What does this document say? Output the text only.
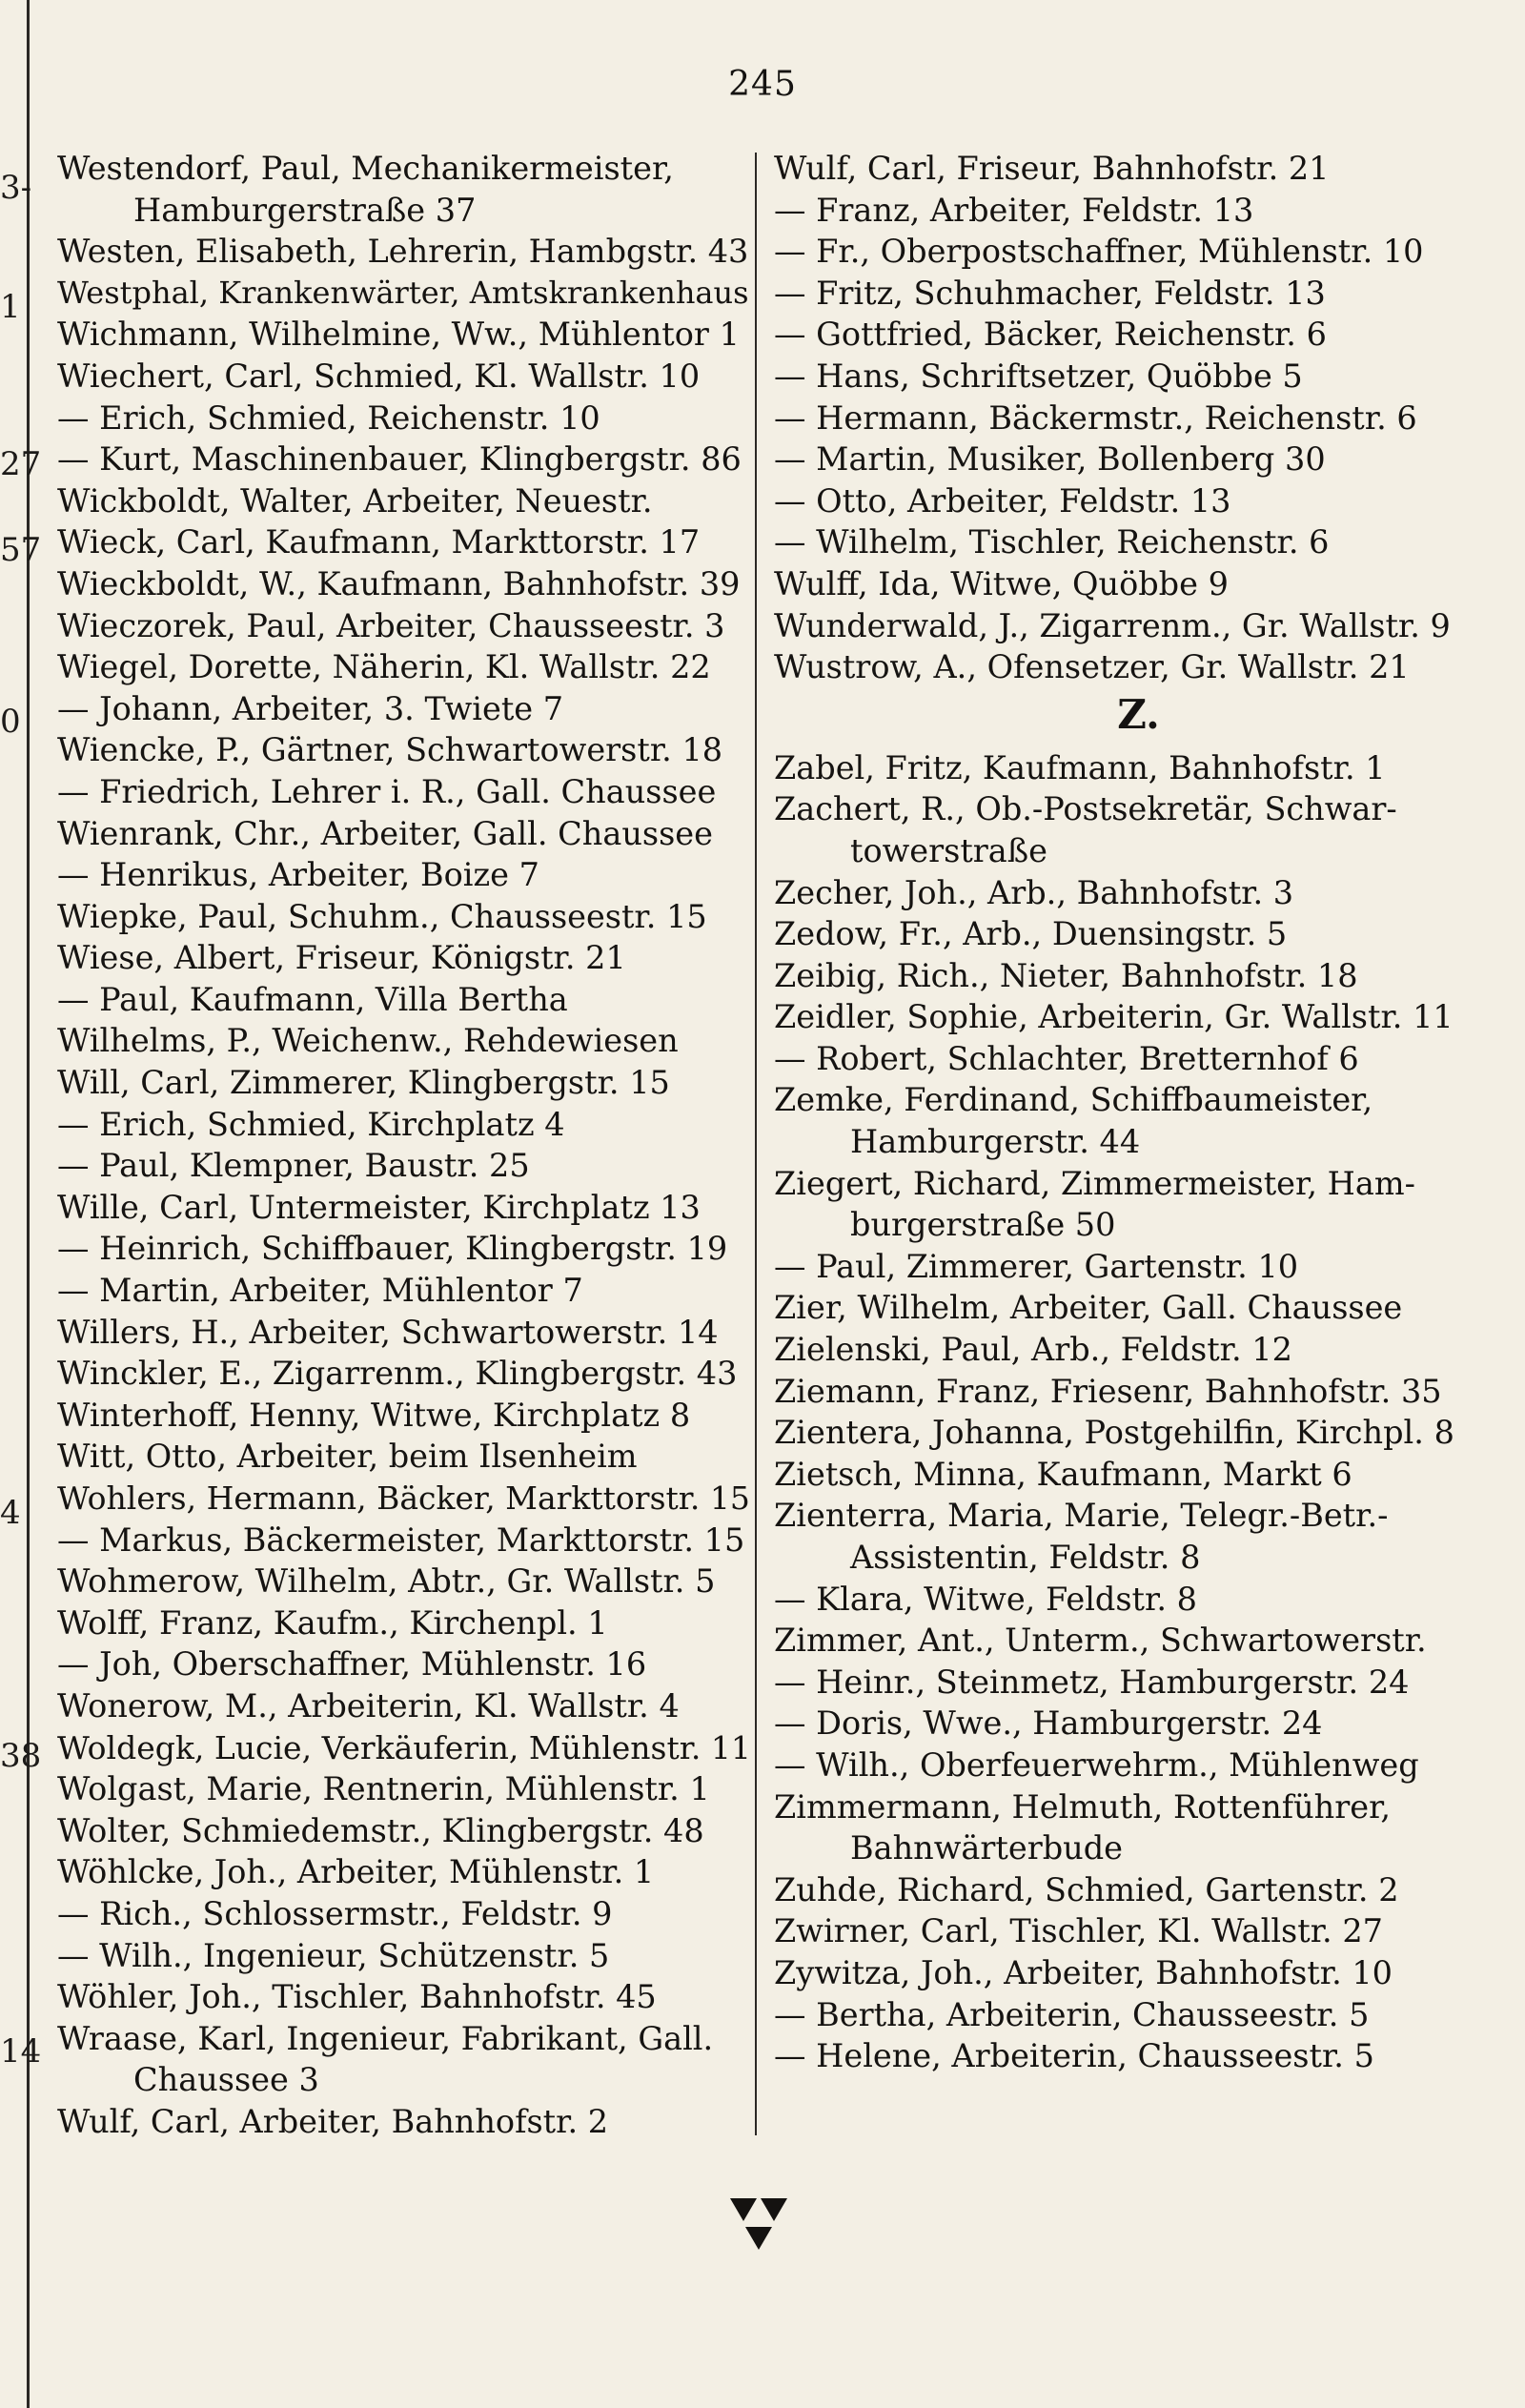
3-
1
27
57
0
4
38
14
245
Westendorf, Paul, Mechanikermeister,
Hamburgerstraße 37
Westen, Elisabeth, Lehrerin, Hambgstr. 43
Westphal, Krankenwärter, Amtskrankenhaus
Wichmann, Wilhelmine, Ww., Mühlentor 1
Wiechert, Carl, Schmied, Kl. Wallstr. 10
— Erich, Schmied, Reichenstr. 10
— Kurt, Maschinenbauer, Klingbergstr. 86
Wickboldt, Walter, Arbeiter, Neuestr.
Wieck, Carl, Kaufmann, Markttorstr. 17
Wieckboldt, W., Kaufmann, Bahnhofstr. 39
Wieczorek, Paul, Arbeiter, Chausseestr. 3
Wiegel, Dorette, Näherin, Kl. Wallstr. 22
— Johann, Arbeiter, 3. Twiete 7
Wiencke, P., Gärtner, Schwartowerstr. 18
— Friedrich, Lehrer i. R., Gall. Chaussee
Wienrank, Chr., Arbeiter, Gall. Chaussee
— Henrikus, Arbeiter, Boize 7
Wiepke, Paul, Schuhm., Chausseestr. 15
Wiese, Albert, Friseur, Königstr. 21
— Paul, Kaufmann, Villa Bertha
Wilhelms, P., Weichenw., Rehdewiesen
Will, Carl, Zimmerer, Klingbergstr. 15
— Erich, Schmied, Kirchplatz 4
— Paul, Klempner, Baustr. 25
Wille, Carl, Untermeister, Kirchplatz 13
— Heinrich, Schiffbauer, Klingbergstr. 19
— Martin, Arbeiter, Mühlentor 7
Willers, H., Arbeiter, Schwartowerstr. 14
Winckler, E., Zigarrenm., Klingbergstr. 43
Winterhoff, Henny, Witwe, Kirchplatz 8
Witt, Otto, Arbeiter, beim Ilsenheim
Wohlers, Hermann, Bäcker, Markttorstr. 15
— Markus, Bäckermeister, Markttorstr. 15
Wohmerow, Wilhelm, Abtr., Gr. Wallstr. 5
Wolff, Franz, Kaufm., Kirchenpl. 1
— Joh, Oberschaffner, Mühlenstr. 16
Wonerow, M., Arbeiterin, Kl. Wallstr. 4
Woldegk, Lucie, Verkäuferin, Mühlenstr. 11
Wolgast, Marie, Rentnerin, Mühlenstr. 1
Wolter, Schmiedemstr., Klingbergstr. 48
Wöhlcke, Joh., Arbeiter, Mühlenstr. 1
— Rich., Schlossermstr., Feldstr. 9
— Wilh., Ingenieur, Schützenstr. 5
Wöhler, Joh., Tischler, Bahnhofstr. 45
Wraase, Karl, Ingenieur, Fabrikant, Gall.
Chaussee 3
Wulf, Carl, Arbeiter, Bahnhofstr. 2
Wulf, Carl, Friseur, Bahnhofstr. 21
— Franz, Arbeiter, Feldstr. 13
— Fr., Oberpostschaffner, Mühlenstr. 10
— Fritz, Schuhmacher, Feldstr. 13
— Gottfried, Bäcker, Reichenstr. 6
— Hans, Schriftsetzer, Quöbbe 5
— Hermann, Bäckermstr., Reichenstr. 6
— Martin, Musiker, Bollenberg 30
— Otto, Arbeiter, Feldstr. 13
— Wilhelm, Tischler, Reichenstr. 6
Wulff, Ida, Witwe, Quöbbe 9
Wunderwald, J., Zigarrenm., Gr. Wallstr. 9
Wustrow, A., Ofensetzer, Gr. Wallstr. 21
Z.
Zabel, Fritz, Kaufmann, Bahnhofstr. 1
Zachert, R., Ob.-Postsekretär, Schwar-
towerstraße
Zecher, Joh., Arb., Bahnhofstr. 3
Zedow, Fr., Arb., Duensingstr. 5
Zeibig, Rich., Nieter, Bahnhofstr. 18
Zeidler, Sophie, Arbeiterin, Gr. Wallstr. 11
— Robert, Schlachter, Bretternhof 6
Zemke, Ferdinand, Schiffbaumeister,
Hamburgerstr. 44
Ziegert, Richard, Zimmermeister, Ham-
burgerstraße 50
— Paul, Zimmerer, Gartenstr. 10
Zier, Wilhelm, Arbeiter, Gall. Chaussee
Zielenski, Paul, Arb., Feldstr. 12
Ziemann, Franz, Friesenr, Bahnhofstr. 35
Zientera, Johanna, Postgehilfin, Kirchpl. 8
Zietsch, Minna, Kaufmann, Markt 6
Zienterra, Maria, Marie, Telegr.-Betr.-
Assistentin, Feldstr. 8
— Klara, Witwe, Feldstr. 8
Zimmer, Ant., Unterm., Schwartowerstr.
— Heinr., Steinmetz, Hamburgerstr. 24
— Doris, Wwe., Hamburgerstr. 24
— Wilh., Oberfeuerwehrm., Mühlenweg
Zimmermann, Helmuth, Rottenführer,
Bahnwärterbude
Zuhde, Richard, Schmied, Gartenstr. 2
Zwirner, Carl, Tischler, Kl. Wallstr. 27
Zywitza, Joh., Arbeiter, Bahnhofstr. 10
— Bertha, Arbeiterin, Chausseestr. 5
— Helene, Arbeiterin, Chausseestr. 5
